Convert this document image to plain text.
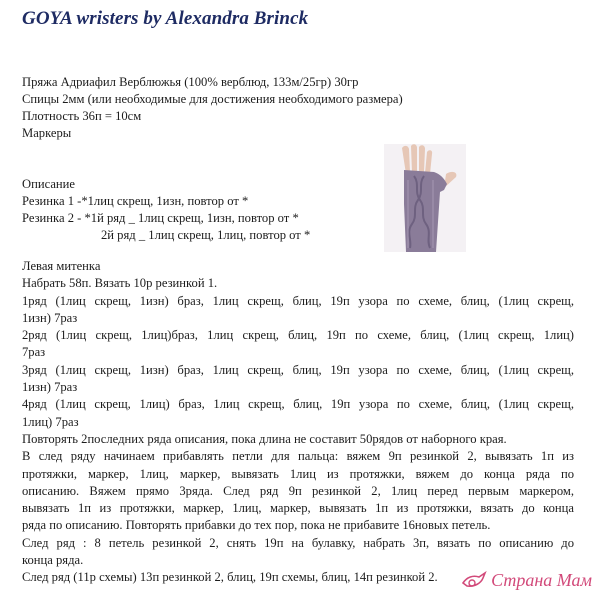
GOYA wristers by Alexandra Brinck
Пряжа Адриафил Верблюжья (100% верблюд, 133м/25гр) 30гр
Спицы 2мм (или необходимые для достижения необходимого размера)
Плотность 36п = 10см
Маркеры
Описание
Резинка 1 -*1лиц скрещ, 1изн, повтор от *
Резинка 2 - *1й ряд _ 1лиц скрещ, 1изн, повтор от *
2й ряд _ 1лиц скрещ, 1лиц, повтор от *
Левая митенка
Набрать 58п. Вязать 10р резинкой 1.
1ряд (1лиц скрещ, 1изн) браз, 1лиц скрещ, блиц, 19п узора по схеме, блиц, (1лиц скрещ,
1изн) 7раз
2ряд (1лиц скрещ, 1лиц)браз, 1лиц скрещ, блиц, 19п по схеме, блиц, (1лиц скрещ, 1лиц)
7раз
3ряд (1лиц скрещ, 1изн) браз, 1лиц скрещ, блиц, 19п узора по схеме, блиц, (1лиц скрещ,
1изн) 7раз
4ряд (1лиц скрещ, 1лиц) браз, 1лиц скрещ, блиц, 19п узора по схеме, блиц, (1лиц скрещ,
1лиц) 7раз
Повторять 2последних ряда описания, пока длина не составит 50рядов от наборного края.
В след ряду начинаем прибавлять петли для пальца: вяжем 9п резинкой 2, вывязать 1п из
протяжки, маркер, 1лиц, маркер, вывязать 1лиц из протяжки, вяжем до конца ряда по
описанию. Вяжем прямо 3ряда. След ряд 9п резинкой 2, 1лиц перед первым маркером,
вывязать 1п из протяжки, маркер, 1лиц, маркер, вывязать 1п из протяжки, вязать до конца
ряда по описанию. Повторять прибавки до тех пор, пока не прибавите 16новых петель.
След ряд : 8 петель резинкой 2, снять 19п на булавку, набрать 3п, вязать по описанию до
конца ряда.
След ряд (11р схемы) 13п резинкой 2, блиц, 19п схемы, блиц, 14п резинкой 2.	Страна Мам
